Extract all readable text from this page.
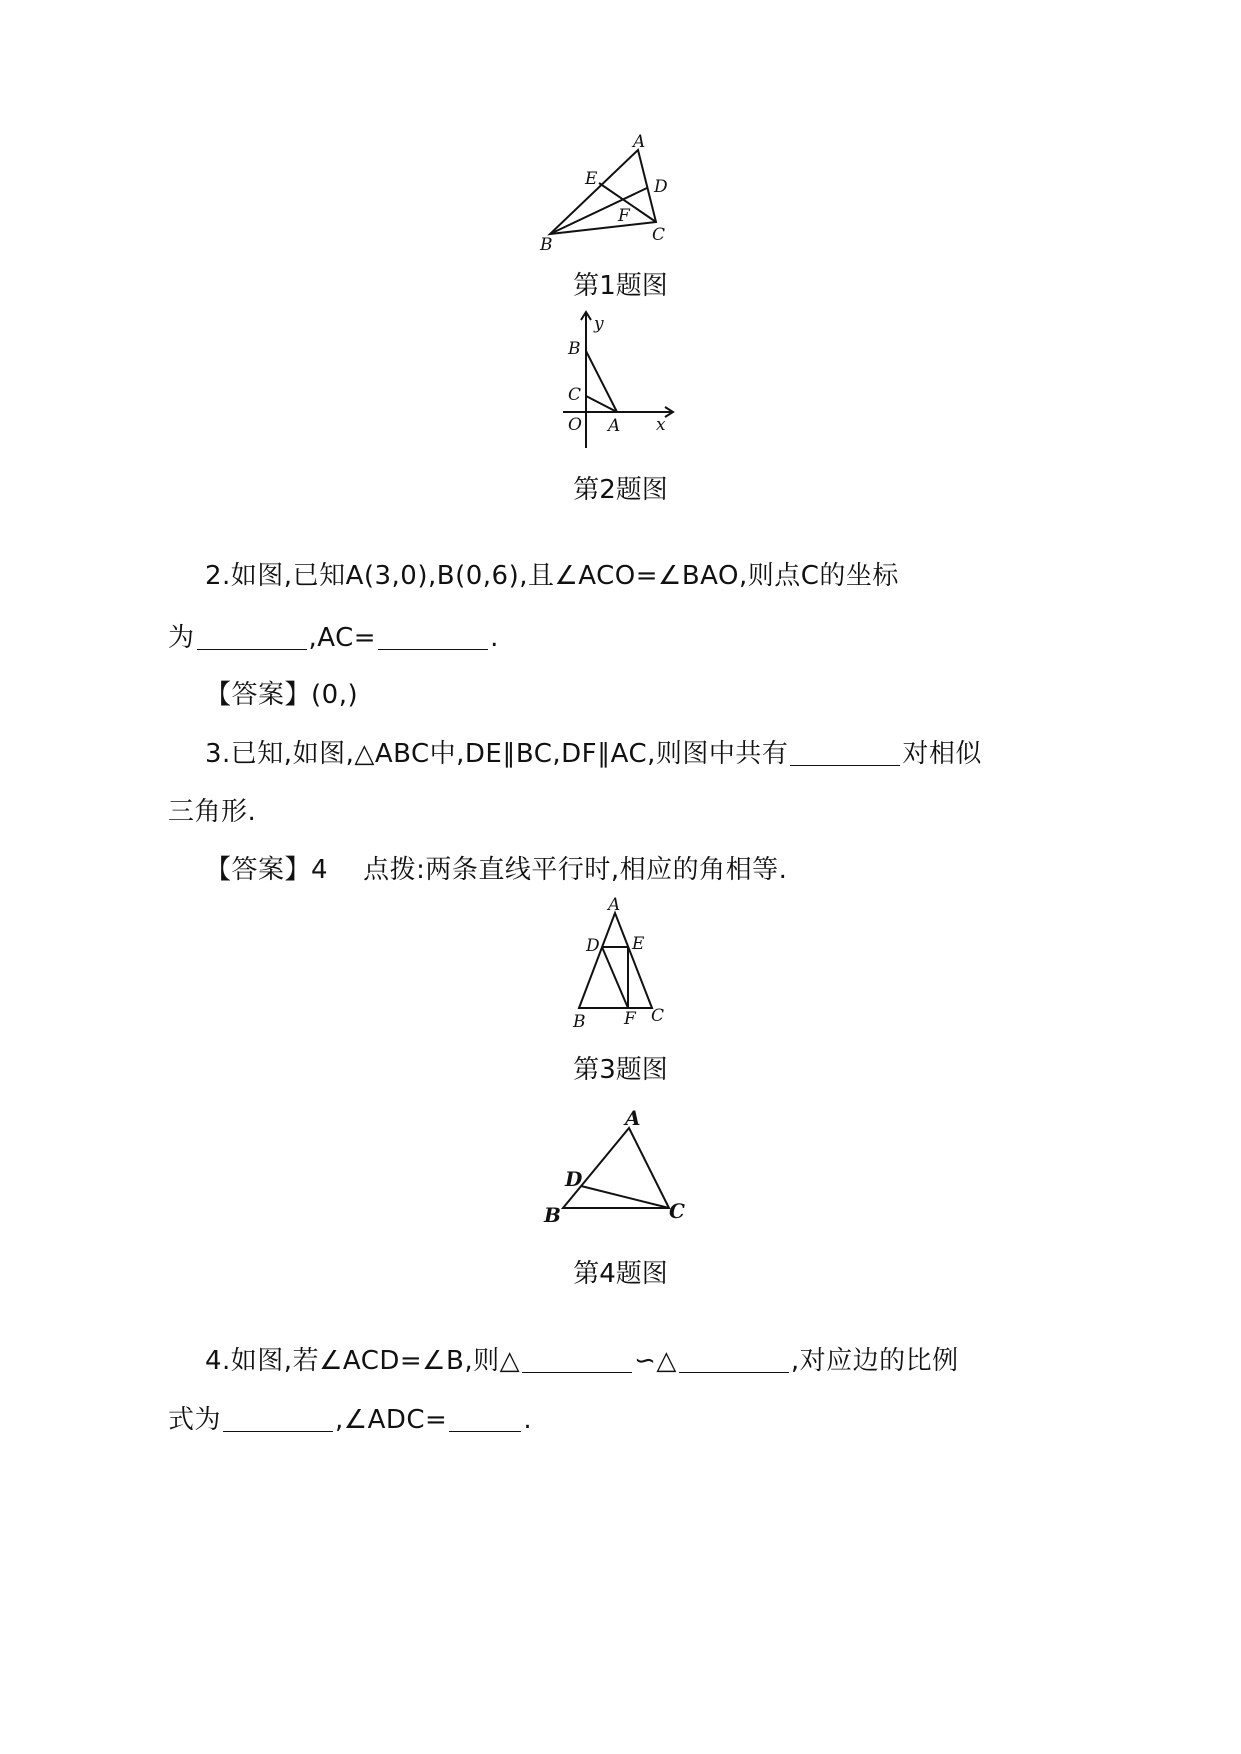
A
B	C
D
E
F
第1题图
y
B
C
O A x
第2题图
2.如图,已知A(3,0),B(0,6),且∠ACO=∠BAO,则点C的坐标
为	,AC=	.
【答案】(0,)
3.已知,如图,△ABC中,DE∥BC,DF∥AC,则图中共有	对相似
三角形.
【答案】4    点拨:两条直线平行时,相应的角相等.
A
D E
B F C
第3题图
A
D
B	C
第4题图
4.如图,若∠ACD=∠B,则△	∽△	,对应边的比例
式为	,∠ADC=	.
